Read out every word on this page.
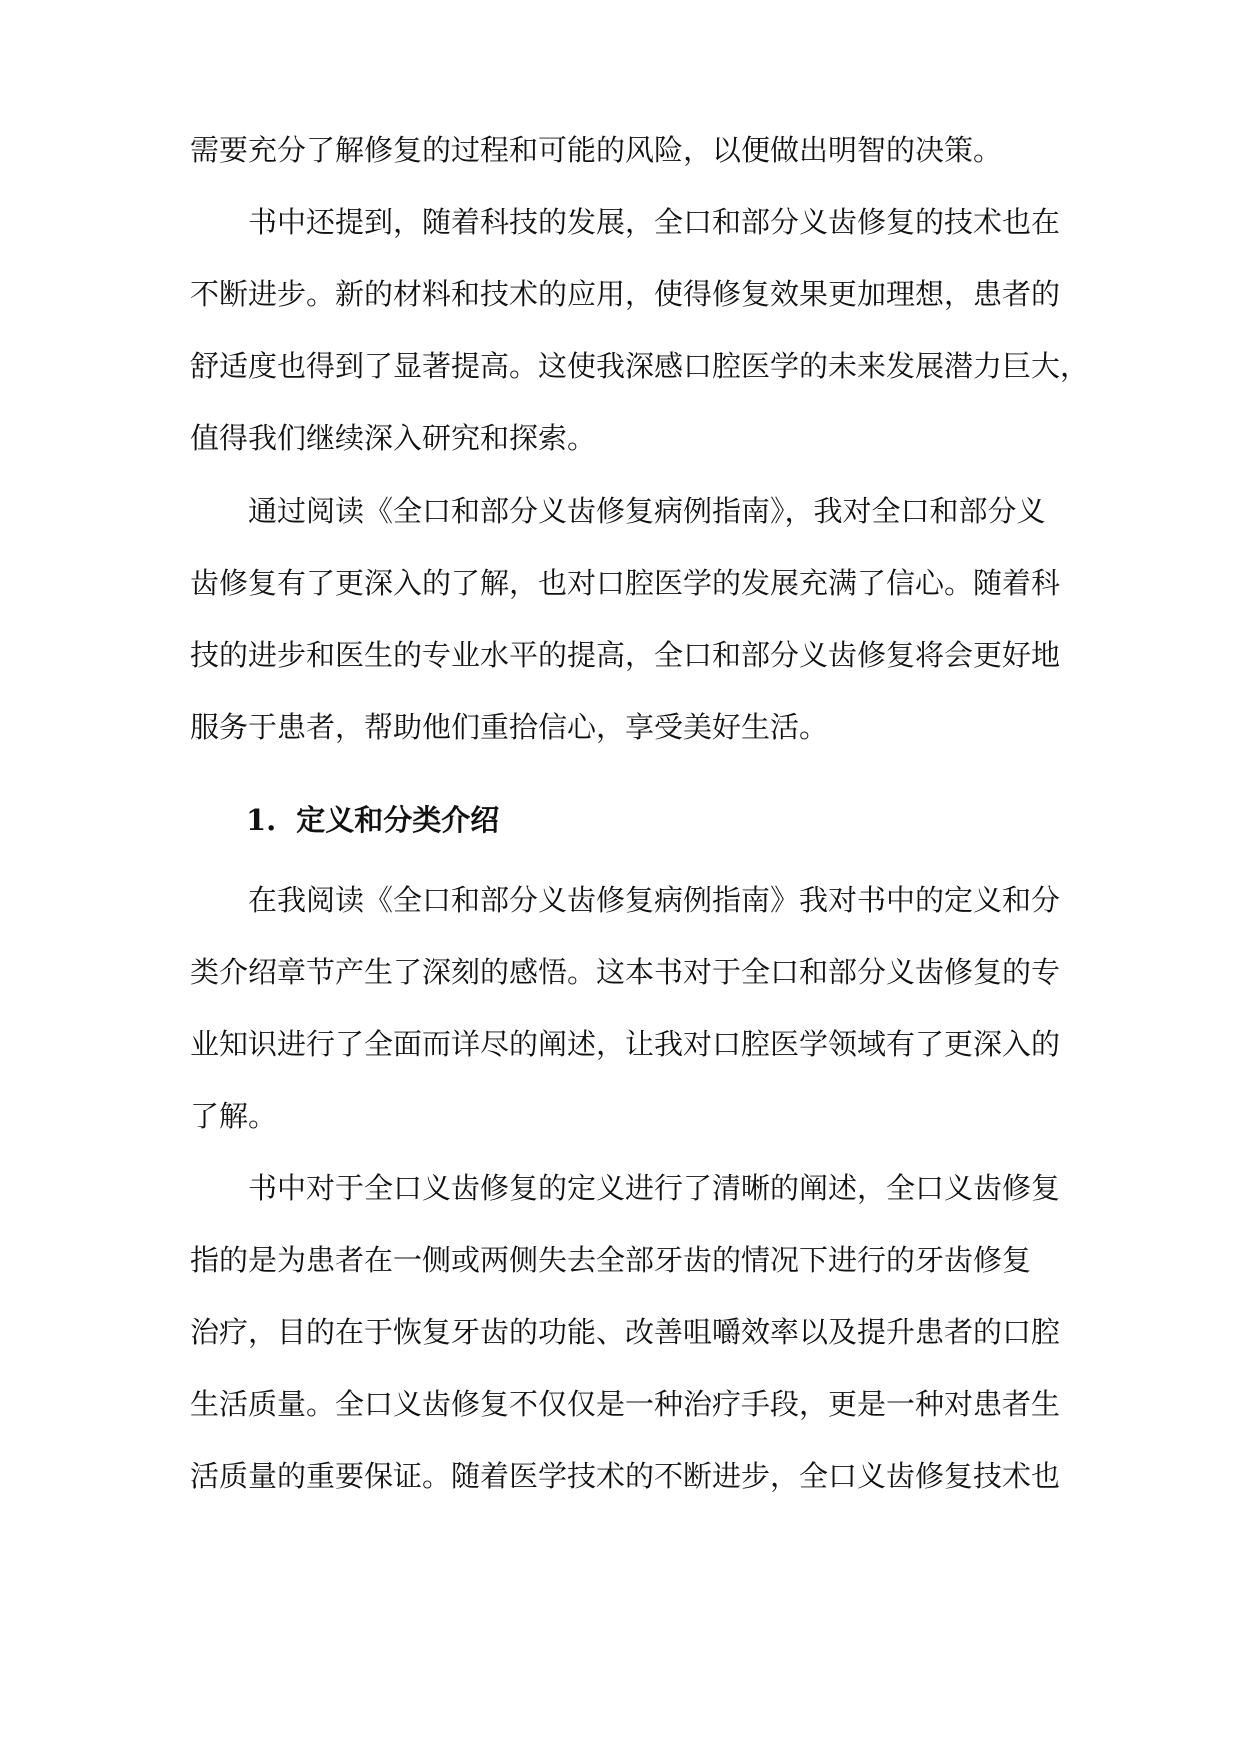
需要充分了解修复的过程和可能的风险，以便做出明智的决策。
　　书中还提到，随着科技的发展，全口和部分义齿修复的技术也在
不断进步。新的材料和技术的应用，使得修复效果更加理想，患者的
舒适度也得到了显著提高。这使我深感口腔医学的未来发展潜力巨大，
值得我们继续深入研究和探索。
　　通过阅读《全口和部分义齿修复病例指南》，我对全口和部分义
齿修复有了更深入的了解，也对口腔医学的发展充满了信心。随着科
技的进步和医生的专业水平的提高，全口和部分义齿修复将会更好地
服务于患者，帮助他们重拾信心，享受美好生活。
1. 定义和分类介绍
　　在我阅读《全口和部分义齿修复病例指南》我对书中的定义和分
类介绍章节产生了深刻的感悟。这本书对于全口和部分义齿修复的专
业知识进行了全面而详尽的阐述，让我对口腔医学领域有了更深入的
了解。
　　书中对于全口义齿修复的定义进行了清晰的阐述，全口义齿修复
指的是为患者在一侧或两侧失去全部牙齿的情况下进行的牙齿修复
治疗，目的在于恢复牙齿的功能、改善咀嚼效率以及提升患者的口腔
生活质量。全口义齿修复不仅仅是一种治疗手段，更是一种对患者生
活质量的重要保证。随着医学技术的不断进步，全口义齿修复技术也
